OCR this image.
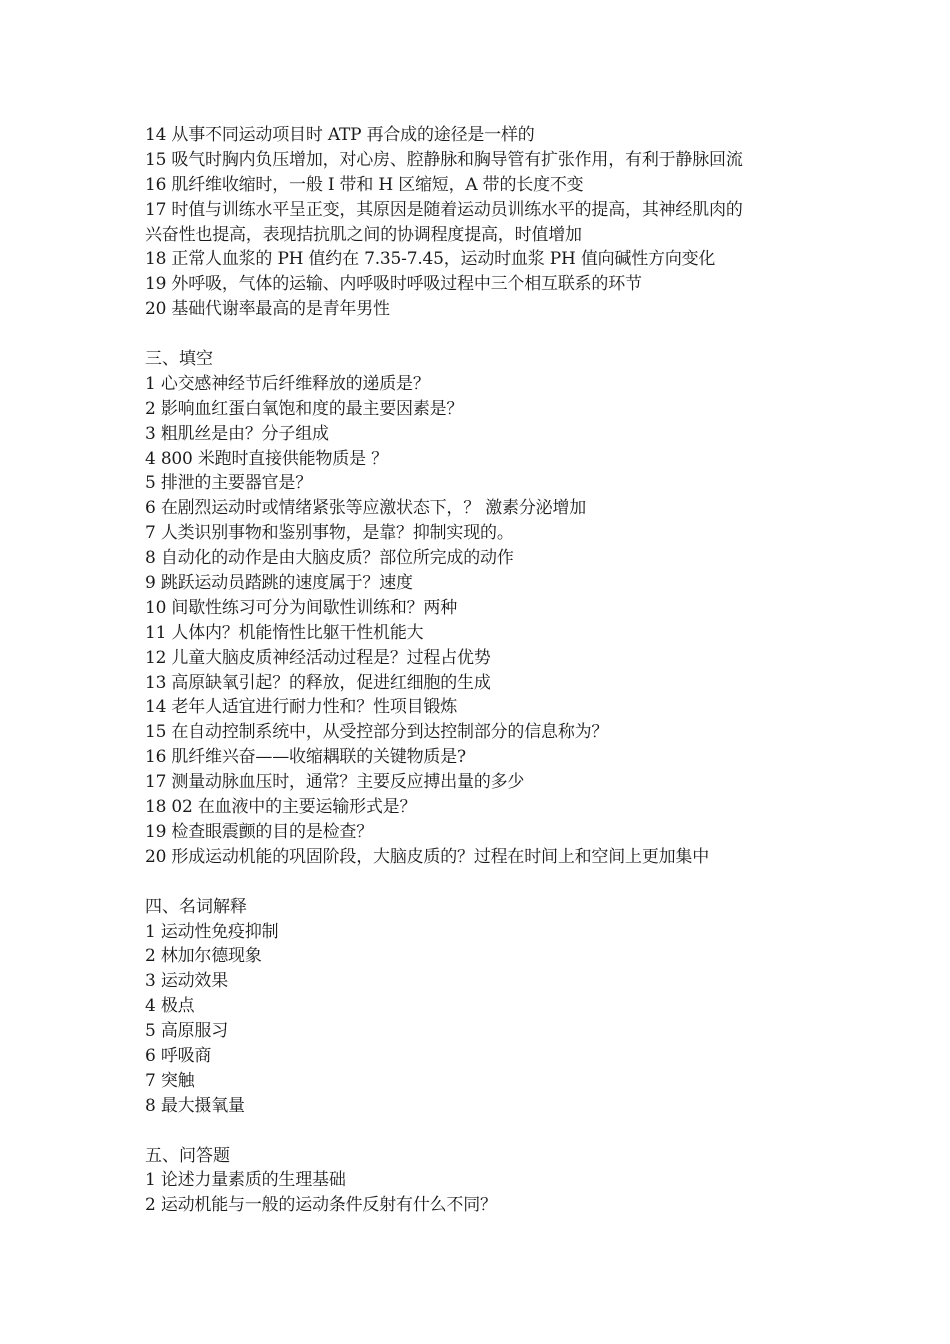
14 从事不同运动项目时 ATP 再合成的途径是一样的
15 吸气时胸内负压增加，对心房、腔静脉和胸导管有扩张作用，有利于静脉回流
16 肌纤维收缩时，一般 I 带和 H 区缩短，A 带的长度不变
17 时值与训练水平呈正变，其原因是随着运动员训练水平的提高，其神经肌肉的
兴奋性也提高，表现拮抗肌之间的协调程度提高，时值增加
18 正常人血浆的 PH 值约在 7.35-7.45，运动时血浆 PH 值向碱性方向变化
19 外呼吸，气体的运输、内呼吸时呼吸过程中三个相互联系的环节
20 基础代谢率最高的是青年男性
三、填空
1 心交感神经节后纤维释放的递质是？
2 影响血红蛋白氧饱和度的最主要因素是？
3 粗肌丝是由？分子组成
4 800 米跑时直接供能物质是 ？
5 排泄的主要器官是？
6 在剧烈运动时或情绪紧张等应激状态下，？ 激素分泌增加
7 人类识别事物和鉴别事物，是靠？抑制实现的。
8 自动化的动作是由大脑皮质？部位所完成的动作
9 跳跃运动员踏跳的速度属于？速度
10 间歇性练习可分为间歇性训练和？两种
11 人体内？机能惰性比躯干性机能大
12 儿童大脑皮质神经活动过程是？过程占优势
13 高原缺氧引起？的释放，促进红细胞的生成
14 老年人适宜进行耐力性和？性项目锻炼
15 在自动控制系统中，从受控部分到达控制部分的信息称为？
16 肌纤维兴奋——收缩耦联的关键物质是?
17 测量动脉血压时，通常？主要反应搏出量的多少
18 02 在血液中的主要运输形式是？
19 检查眼震颤的目的是检查？
20 形成运动机能的巩固阶段，大脑皮质的？过程在时间上和空间上更加集中
四、名词解释
1 运动性免疫抑制
2 林加尔德现象
3 运动效果
4 极点
5 高原服习
6 呼吸商
7 突触
8 最大摄氧量
五、问答题
1 论述力量素质的生理基础
2 运动机能与一般的运动条件反射有什么不同？
